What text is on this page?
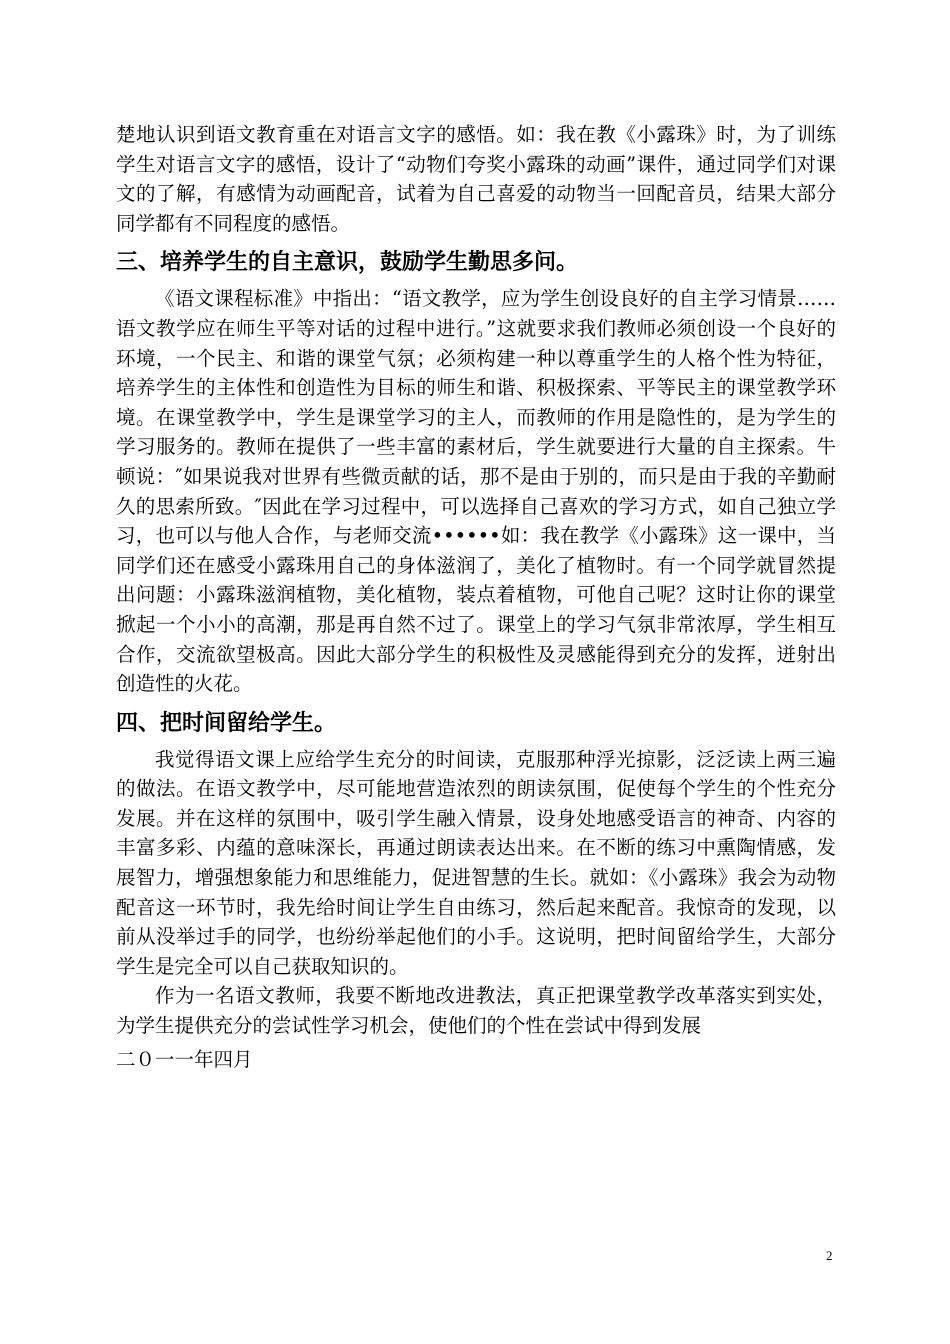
楚地认识到语文教育重在对语言文字的感悟。如：我在教《小露珠》时，为了训练学生对语言文字的感悟，设计了“动物们夸奖小露珠的动画”课件，通过同学们对课文的了解，有感情为动画配音，试着为自己喜爱的动物当一回配音员，结果大部分同学都有不同程度的感悟。

三、培养学生的自主意识，鼓励学生勤思多问。

《语文课程标准》中指出：“语文教学，应为学生创设良好的自主学习情景……语文教学应在师生平等对话的过程中进行。”这就要求我们教师必须创设一个良好的环境，一个民主、和谐的课堂气氛；必须构建一种以尊重学生的人格个性为特征，培养学生的主体性和创造性为目标的师生和谐、积极探索、平等民主的课堂教学环境。在课堂教学中，学生是课堂学习的主人，而教师的作用是隐性的，是为学生的学习服务的。教师在提供了一些丰富的素材后，学生就要进行大量的自主探索。牛顿说：″如果说我对世界有些微贡献的话，那不是由于别的，而只是由于我的辛勤耐久的思索所致。″因此在学习过程中，可以选择自己喜欢的学习方式，如自己独立学习，也可以与他人合作，与老师交流••••••如：我在教学《小露珠》这一课中，当同学们还在感受小露珠用自己的身体滋润了，美化了植物时。有一个同学就冒然提出问题：小露珠滋润植物，美化植物，装点着植物，可他自己呢？这时让你的课堂掀起一个小小的高潮，那是再自然不过了。课堂上的学习气氛非常浓厚，学生相互合作，交流欲望极高。因此大部分学生的积极性及灵感能得到充分的发挥，迸射出创造性的火花。

四、把时间留给学生。

我觉得语文课上应给学生充分的时间读，克服那种浮光掠影，泛泛读上两三遍的做法。在语文教学中，尽可能地营造浓烈的朗读氛围，促使每个学生的个性充分发展。并在这样的氛围中，吸引学生融入情景，设身处地感受语言的神奇、内容的丰富多彩、内蕴的意味深长，再通过朗读表达出来。在不断的练习中熏陶情感，发展智力，增强想象能力和思维能力，促进智慧的生长。就如：《小露珠》我会为动物配音这一环节时，我先给时间让学生自由练习，然后起来配音。我惊奇的发现，以前从没举过手的同学，也纷纷举起他们的小手。这说明，把时间留给学生，大部分学生是完全可以自己获取知识的。

作为一名语文教师，我要不断地改进教法，真正把课堂教学改革落实到实处，为学生提供充分的尝试性学习机会，使他们的个性在尝试中得到发展

二０一一年四月
2
